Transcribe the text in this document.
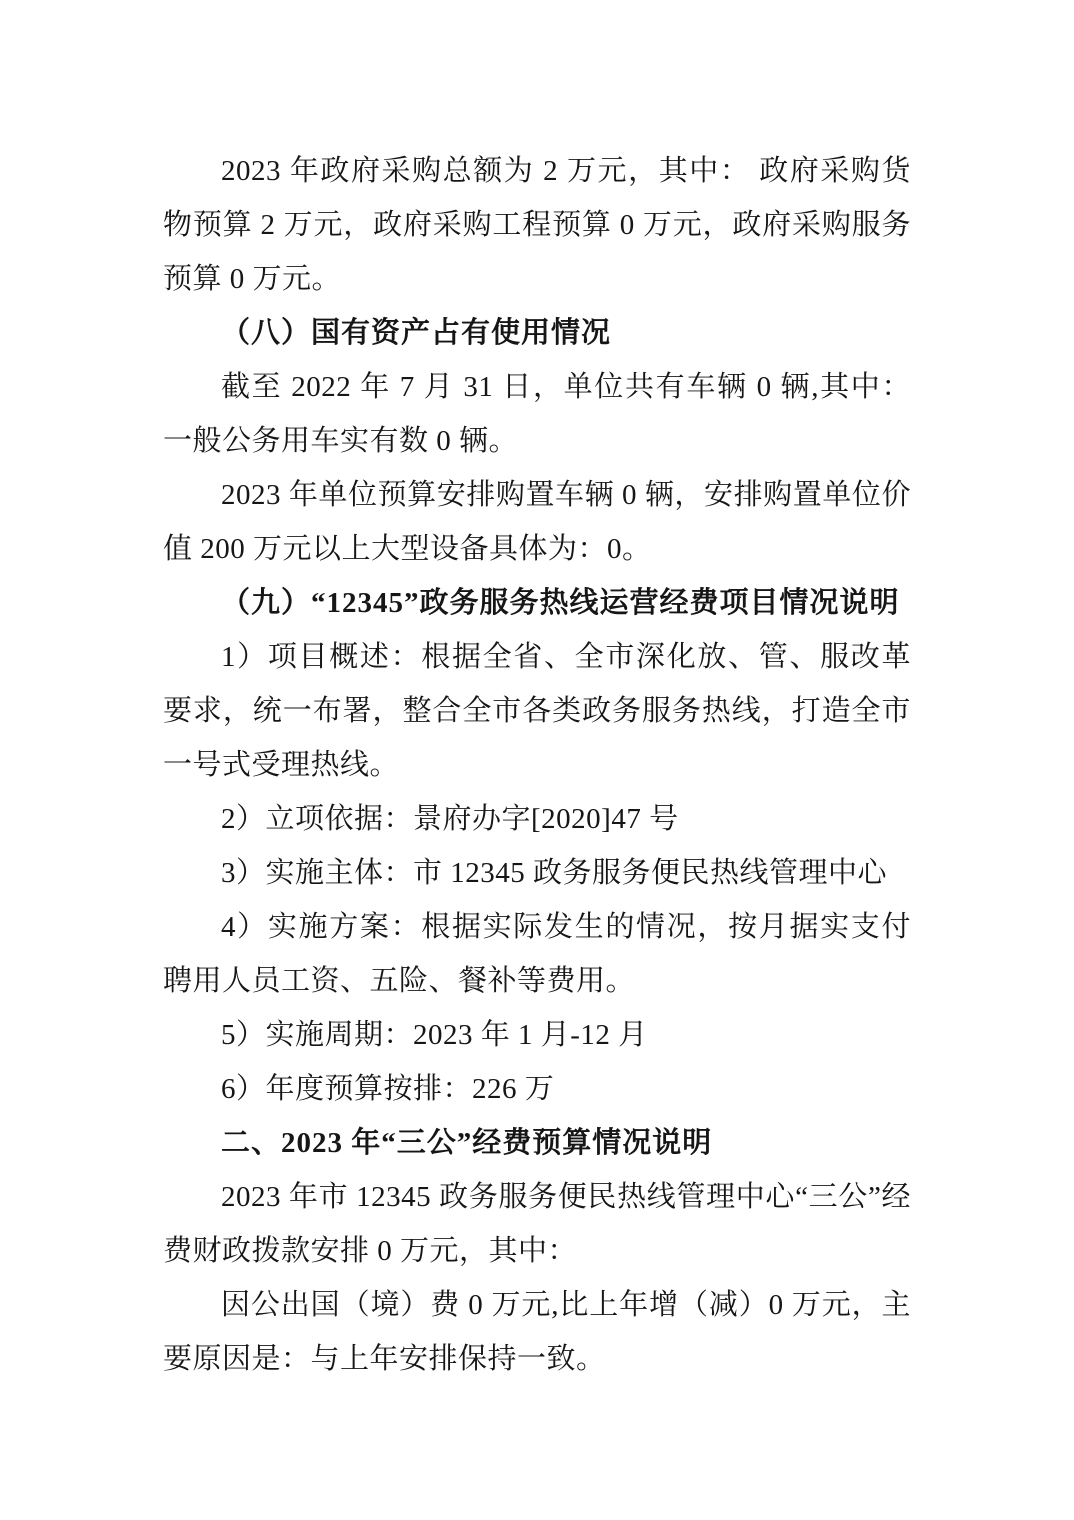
2023 年政府采购总额为 2 万元，其中： 政府采购货物预算 2 万元，政府采购工程预算 0 万元，政府采购服务预算 0 万元。

（八）国有资产占有使用情况

截至 2022 年 7 月 31 日，单位共有车辆 0 辆,其中：一般公务用车实有数 0 辆。

2023 年单位预算安排购置车辆 0 辆，安排购置单位价值 200 万元以上大型设备具体为：0。

（九）“12345”政务服务热线运营经费项目情况说明

1）项目概述：根据全省、全市深化放、管、服改革要求，统一布署，整合全市各类政务服务热线，打造全市一号式受理热线。

2）立项依据：景府办字[2020]47 号

3）实施主体：市 12345 政务服务便民热线管理中心

4）实施方案：根据实际发生的情况，按月据实支付聘用人员工资、五险、餐补等费用。

5）实施周期：2023 年 1 月-12 月

6）年度预算按排：226 万

二、2023 年“三公”经费预算情况说明

2023 年市 12345 政务服务便民热线管理中心“三公”经费财政拨款安排 0 万元，其中：

因公出国（境）费 0 万元,比上年增（减）0 万元，主要原因是：与上年安排保持一致。
